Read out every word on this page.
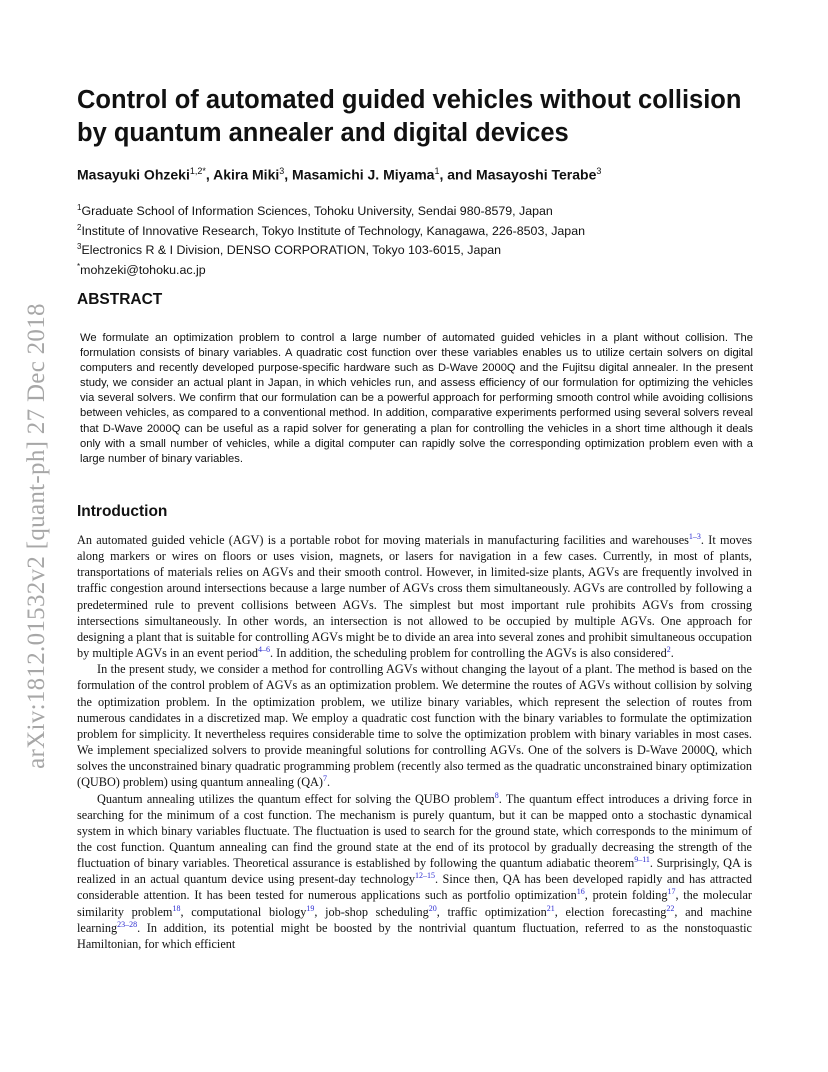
arXiv:1812.01532v2 [quant-ph] 27 Dec 2018
Control of automated guided vehicles without collision by quantum annealer and digital devices
Masayuki Ohzeki$^{1,2*}$, Akira Miki$^3$, Masamichi J. Miyama$^1$, and Masayoshi Terabe$^3$
$^1$Graduate School of Information Sciences, Tohoku University, Sendai 980-8579, Japan
$^2$Institute of Innovative Research, Tokyo Institute of Technology, Kanagawa, 226-8503, Japan
$^3$Electronics R & I Division, DENSO CORPORATION, Tokyo 103-6015, Japan
*mohzeki@tohoku.ac.jp
ABSTRACT

We formulate an optimization problem to control a large number of automated guided vehicles in a plant without collision. The formulation consists of binary variables. A quadratic cost function over these variables enables us to utilize certain solvers on digital computers and recently developed purpose-specific hardware such as D-Wave 2000Q and the Fujitsu digital annealer. In the present study, we consider an actual plant in Japan, in which vehicles run, and assess efficiency of our formulation for optimizing the vehicles via several solvers. We confirm that our formulation can be a powerful approach for performing smooth control while avoiding collisions between vehicles, as compared to a conventional method. In addition, comparative experiments performed using several solvers reveal that D-Wave 2000Q can be useful as a rapid solver for generating a plan for controlling the vehicles in a short time although it deals only with a small number of vehicles, while a digital computer can rapidly solve the corresponding optimization problem even with a large number of binary variables.

Introduction

An automated guided vehicle (AGV) is a portable robot for moving materials in manufacturing facilities and warehouses$^{1-3}$. It moves along markers or wires on floors or uses vision, magnets, or lasers for navigation in a few cases. Currently, in most of plants, transportations of materials relies on AGVs and their smooth control. However, in limited-size plants, AGVs are frequently involved in traffic congestion around intersections because a large number of AGVs cross them simultaneously. AGVs are controlled by following a predetermined rule to prevent collisions between AGVs. The simplest but most important rule prohibits AGVs from crossing intersections simultaneously. In other words, an intersection is not allowed to be occupied by multiple AGVs. One approach for designing a plant that is suitable for controlling AGVs might be to divide an area into several zones and prohibit simultaneous occupation by multiple AGVs in an event period$^{4-6}$. In addition, the scheduling problem for controlling the AGVs is also considered$^2$.

In the present study, we consider a method for controlling AGVs without changing the layout of a plant. The method is based on the formulation of the control problem of AGVs as an optimization problem. We determine the routes of AGVs without collision by solving the optimization problem. In the optimization problem, we utilize binary variables, which represent the selection of routes from numerous candidates in a discretized map. We employ a quadratic cost function with the binary variables to formulate the optimization problem for simplicity. It nevertheless requires considerable time to solve the optimization problem with binary variables in most cases. We implement specialized solvers to provide meaningful solutions for controlling AGVs. One of the solvers is D-Wave 2000Q, which solves the unconstrained binary quadratic programming problem (recently also termed as the quadratic unconstrained binary optimization (QUBO) problem) using quantum annealing (QA)$^7$.

Quantum annealing utilizes the quantum effect for solving the QUBO problem$^8$. The quantum effect introduces a driving force in searching for the minimum of a cost function. The mechanism is purely quantum, but it can be mapped onto a stochastic dynamical system in which binary variables fluctuate. The fluctuation is used to search for the ground state, which corresponds to the minimum of the cost function. Quantum annealing can find the ground state at the end of its protocol by gradually decreasing the strength of the fluctuation of binary variables. Theoretical assurance is established by following the quantum adiabatic theorem$^{9-11}$. Surprisingly, QA is realized in an actual quantum device using present-day technology$^{12-15}$. Since then, QA has been developed rapidly and has attracted considerable attention. It has been tested for numerous applications such as portfolio optimization$^{16}$, protein folding$^{17}$, the molecular similarity problem$^{18}$, computational biology$^{19}$, job-shop scheduling$^{20}$, traffic optimization$^{21}$, election forecasting$^{22}$, and machine learning$^{23-28}$. In addition, its potential might be boosted by the nontrivial quantum fluctuation, referred to as the nonstoquastic Hamiltonian, for which efficient
